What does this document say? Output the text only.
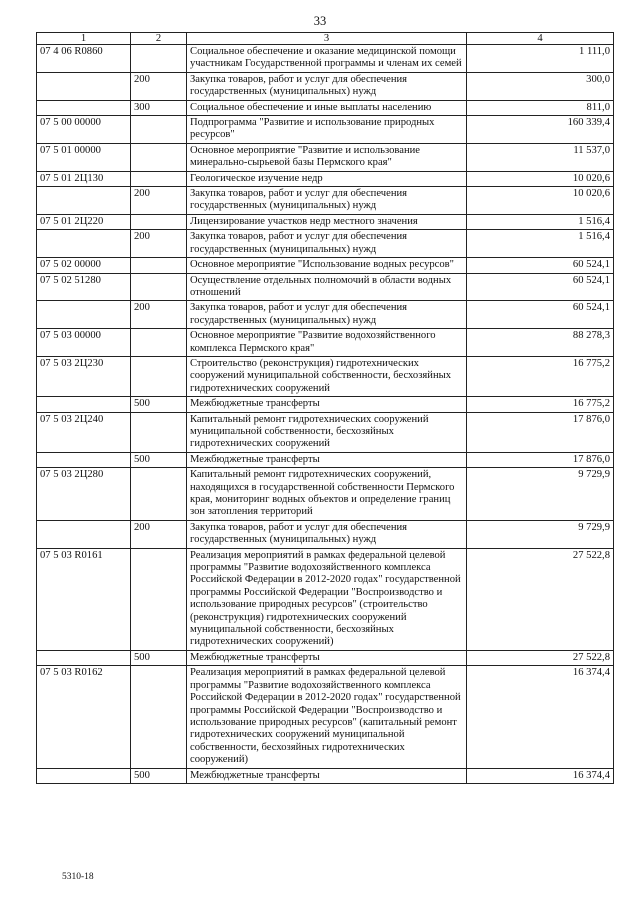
33
1	2	3	4
07 4 06 R0860		Социальное обеспечение и оказание медицинской помощи участникам Государственной программы и членам их семей	1 111,0
	200	Закупка товаров, работ и услуг для обеспечения государственных (муниципальных) нужд	300,0
	300	Социальное обеспечение и иные выплаты населению	811,0
07 5 00 00000		Подпрограмма "Развитие и использование природных ресурсов"	160 339,4
07 5 01 00000		Основное мероприятие "Развитие и использование минерально-сырьевой базы Пермского края"	11 537,0
07 5 01 2Ц130		Геологическое изучение недр	10 020,6
	200	Закупка товаров, работ и услуг для обеспечения государственных (муниципальных) нужд	10 020,6
07 5 01 2Ц220		Лицензирование участков недр местного значения	1 516,4
	200	Закупка товаров, работ и услуг для обеспечения государственных (муниципальных) нужд	1 516,4
07 5 02 00000		Основное мероприятие "Использование водных ресурсов"	60 524,1
07 5 02 51280		Осуществление отдельных полномочий в области водных отношений	60 524,1
	200	Закупка товаров, работ и услуг для обеспечения государственных (муниципальных) нужд	60 524,1
07 5 03 00000		Основное мероприятие "Развитие водохозяйственного комплекса Пермского края"	88 278,3
07 5 03 2Ц230		Строительство (реконструкция) гидротехнических сооружений муниципальной собственности, бесхозяйных гидротехнических сооружений	16 775,2
	500	Межбюджетные трансферты	16 775,2
07 5 03 2Ц240		Капитальный ремонт гидротехнических сооружений муниципальной собственности, бесхозяйных гидротехнических сооружений	17 876,0
	500	Межбюджетные трансферты	17 876,0
07 5 03 2Ц280		Капитальный ремонт гидротехнических сооружений, находящихся в государственной собственности Пермского края, мониторинг водных объектов и определение границ зон затопления территорий	9 729,9
	200	Закупка товаров, работ и услуг для обеспечения государственных (муниципальных) нужд	9 729,9
07 5 03 R0161		Реализация мероприятий в рамках федеральной целевой программы "Развитие водохозяйственного комплекса Российской Федерации в 2012-2020 годах" государственной программы Российской Федерации "Воспроизводство и использование природных ресурсов" (строительство (реконструкция) гидротехнических сооружений муниципальной собственности, бесхозяйных гидротехнических сооружений)	27 522,8
	500	Межбюджетные трансферты	27 522,8
07 5 03 R0162		Реализация мероприятий в рамках федеральной целевой программы "Развитие водохозяйственного комплекса Российской Федерации в 2012-2020 годах" государственной программы Российской Федерации "Воспроизводство и использование природных ресурсов" (капитальный ремонт гидротехнических сооружений муниципальной собственности, бесхозяйных гидротехнических сооружений)	16 374,4
	500	Межбюджетные трансферты	16 374,4
5310-18
